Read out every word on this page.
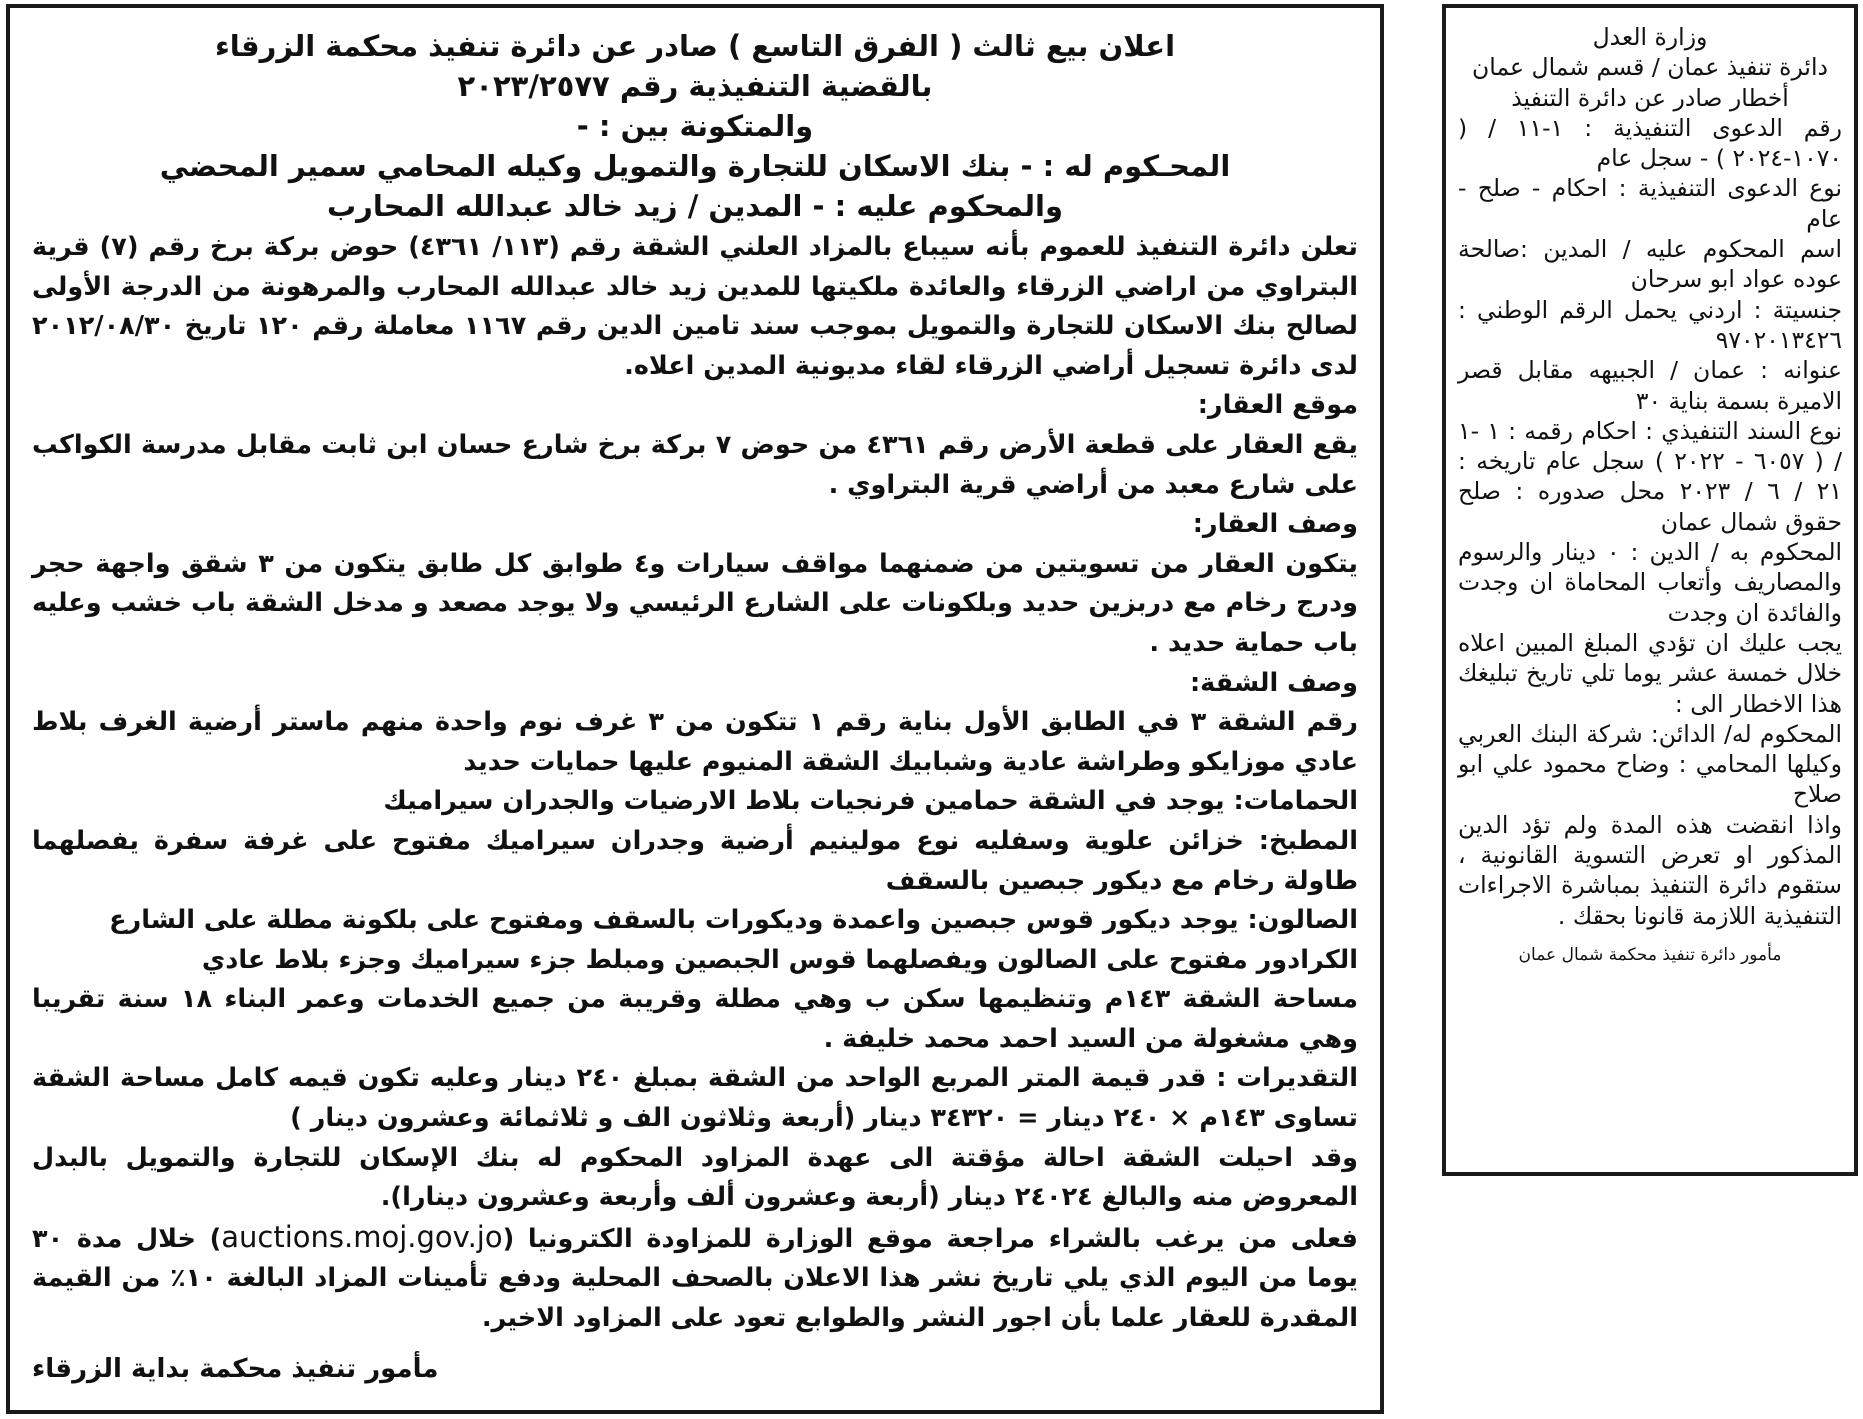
اعلان بيع ثالث ( الفرق التاسع ) صادر عن دائرة تنفيذ محكمة الزرقاء
بالقضية التنفيذية رقم ٢٠٢٣/٢٥٧٧
والمتكونة بين : -
المحـكوم له : - بنك الاسكان للتجارة والتمويل وكيله المحامي سمير المحضي
والمحكوم عليه : - المدين / زيد خالد عبدالله المحارب

تعلن دائرة التنفيذ للعموم بأنه سيباع بالمزاد العلني الشقة رقم (١١٣/ ٤٣٦١) حوض بركة برخ رقم (٧) قرية البتراوي من اراضي الزرقاء والعائدة ملكيتها للمدين زيد خالد عبدالله المحارب والمرهونة من الدرجة الأولى لصالح بنك الاسكان للتجارة والتمويل بموجب سند تامين الدين رقم ١١٦٧ معاملة رقم ١٢٠ تاريخ ٢٠١٢/٠٨/٣٠ لدى دائرة تسجيل أراضي الزرقاء لقاء مديونية المدين اعلاه.

موقع العقار:

يقع العقار على قطعة الأرض رقم ٤٣٦١ من حوض ٧ بركة برخ شارع حسان ابن ثابت مقابل مدرسة الكواكب على شارع معبد من أراضي قرية البتراوي .

وصف العقار:

يتكون العقار من تسويتين من ضمنهما مواقف سيارات و٤ طوابق كل طابق يتكون من ٣ شقق واجهة حجر ودرج رخام مع دربزين حديد وبلكونات على الشارع الرئيسي ولا يوجد مصعد و مدخل الشقة باب خشب وعليه باب حماية حديد .

وصف الشقة:

رقم الشقة ٣ في الطابق الأول بناية رقم ١ تتكون من ٣ غرف نوم واحدة منهم ماستر أرضية الغرف بلاط عادي موزايكو وطراشة عادية وشبابيك الشقة المنيوم عليها حمايات حديد

الحمامات: يوجد في الشقة حمامين فرنجيات بلاط الارضيات والجدران سيراميك

المطبخ: خزائن علوية وسفليه نوع مولينيم أرضية وجدران سيراميك مفتوح على غرفة سفرة يفصلهما طاولة رخام مع ديكور جبصين بالسقف

الصالون: يوجد ديكور قوس جبصين واعمدة وديكورات بالسقف ومفتوح على بلكونة مطلة على الشارع

الكرادور مفتوح على الصالون ويفصلهما قوس الجبصين ومبلط جزء سيراميك وجزء بلاط عادي

مساحة الشقة ١٤٣م وتنظيمها سكن ب وهي مطلة وقريبة من جميع الخدمات وعمر البناء ١٨ سنة تقريبا وهي مشغولة من السيد احمد محمد خليفة .

التقديرات : قدر قيمة المتر المربع الواحد من الشقة بمبلغ ٢٤٠ دينار وعليه تكون قيمه كامل مساحة الشقة تساوى ١٤٣م × ٢٤٠ دينار = ٣٤٣٢٠ دينار (أربعة وثلاثون الف و ثلاثمائة وعشرون دينار )

وقد احيلت الشقة احالة مؤقتة الى عهدة المزاود المحكوم له بنك الإسكان للتجارة والتمويل بالبدل المعروض منه والبالغ ٢٤٠٢٤ دينار (أربعة وعشرون ألف وأربعة وعشرون دينارا).

فعلى من يرغب بالشراء مراجعة موقع الوزارة للمزاودة الكترونيا (auctions.moj.gov.jo) خلال مدة ٣٠ يوما من اليوم الذي يلي تاريخ نشر هذا الاعلان بالصحف المحلية ودفع تأمينات المزاد البالغة ١٠٪ من القيمة المقدرة للعقار علما بأن اجور النشر والطوابع تعود على المزاود الاخير.

مأمور تنفيذ محكمة بداية الزرقاء
وزارة العدل
دائرة تنفيذ عمان / قسم شمال عمان
أخطار صادر عن دائرة التنفيذ

رقم الدعوى التنفيذية : ١-١١ / ( ١٠٧٠-٢٠٢٤ ) - سجل عام

نوع الدعوى التنفيذية : احكام - صلح - عام

اسم المحكوم عليه / المدين :صالحة عوده عواد ابو سرحان

جنسيتة : اردني يحمل الرقم الوطني : ٩٧٠٢٠١٣٤٢٦

عنوانه : عمان / الجبيهه مقابل قصر الاميرة بسمة بناية ٣٠

نوع السند التنفيذي : احكام رقمه : ١ -١ / ( ٦٠٥٧ - ٢٠٢٢ ) سجل عام تاريخه : ٢١ / ٦ / ٢٠٢٣ محل صدوره : صلح حقوق شمال عمان

المحكوم به / الدين : ٠ دينار والرسوم والمصاريف وأتعاب المحاماة ان وجدت والفائدة ان وجدت

يجب عليك ان تؤدي المبلغ المبين اعلاه خلال خمسة عشر يوما تلي تاريخ تبليغك هذا الاخطار الى :

المحكوم له/ الدائن: شركة البنك العربي وكيلها المحامي : وضاح محمود علي ابو صلاح

واذا انقضت هذه المدة ولم تؤد الدين المذكور او تعرض التسوية القانونية ، ستقوم دائرة التنفيذ بمباشرة الاجراءات التنفيذية اللازمة قانونا بحقك .

مأمور دائرة تنفيذ محكمة شمال عمان
